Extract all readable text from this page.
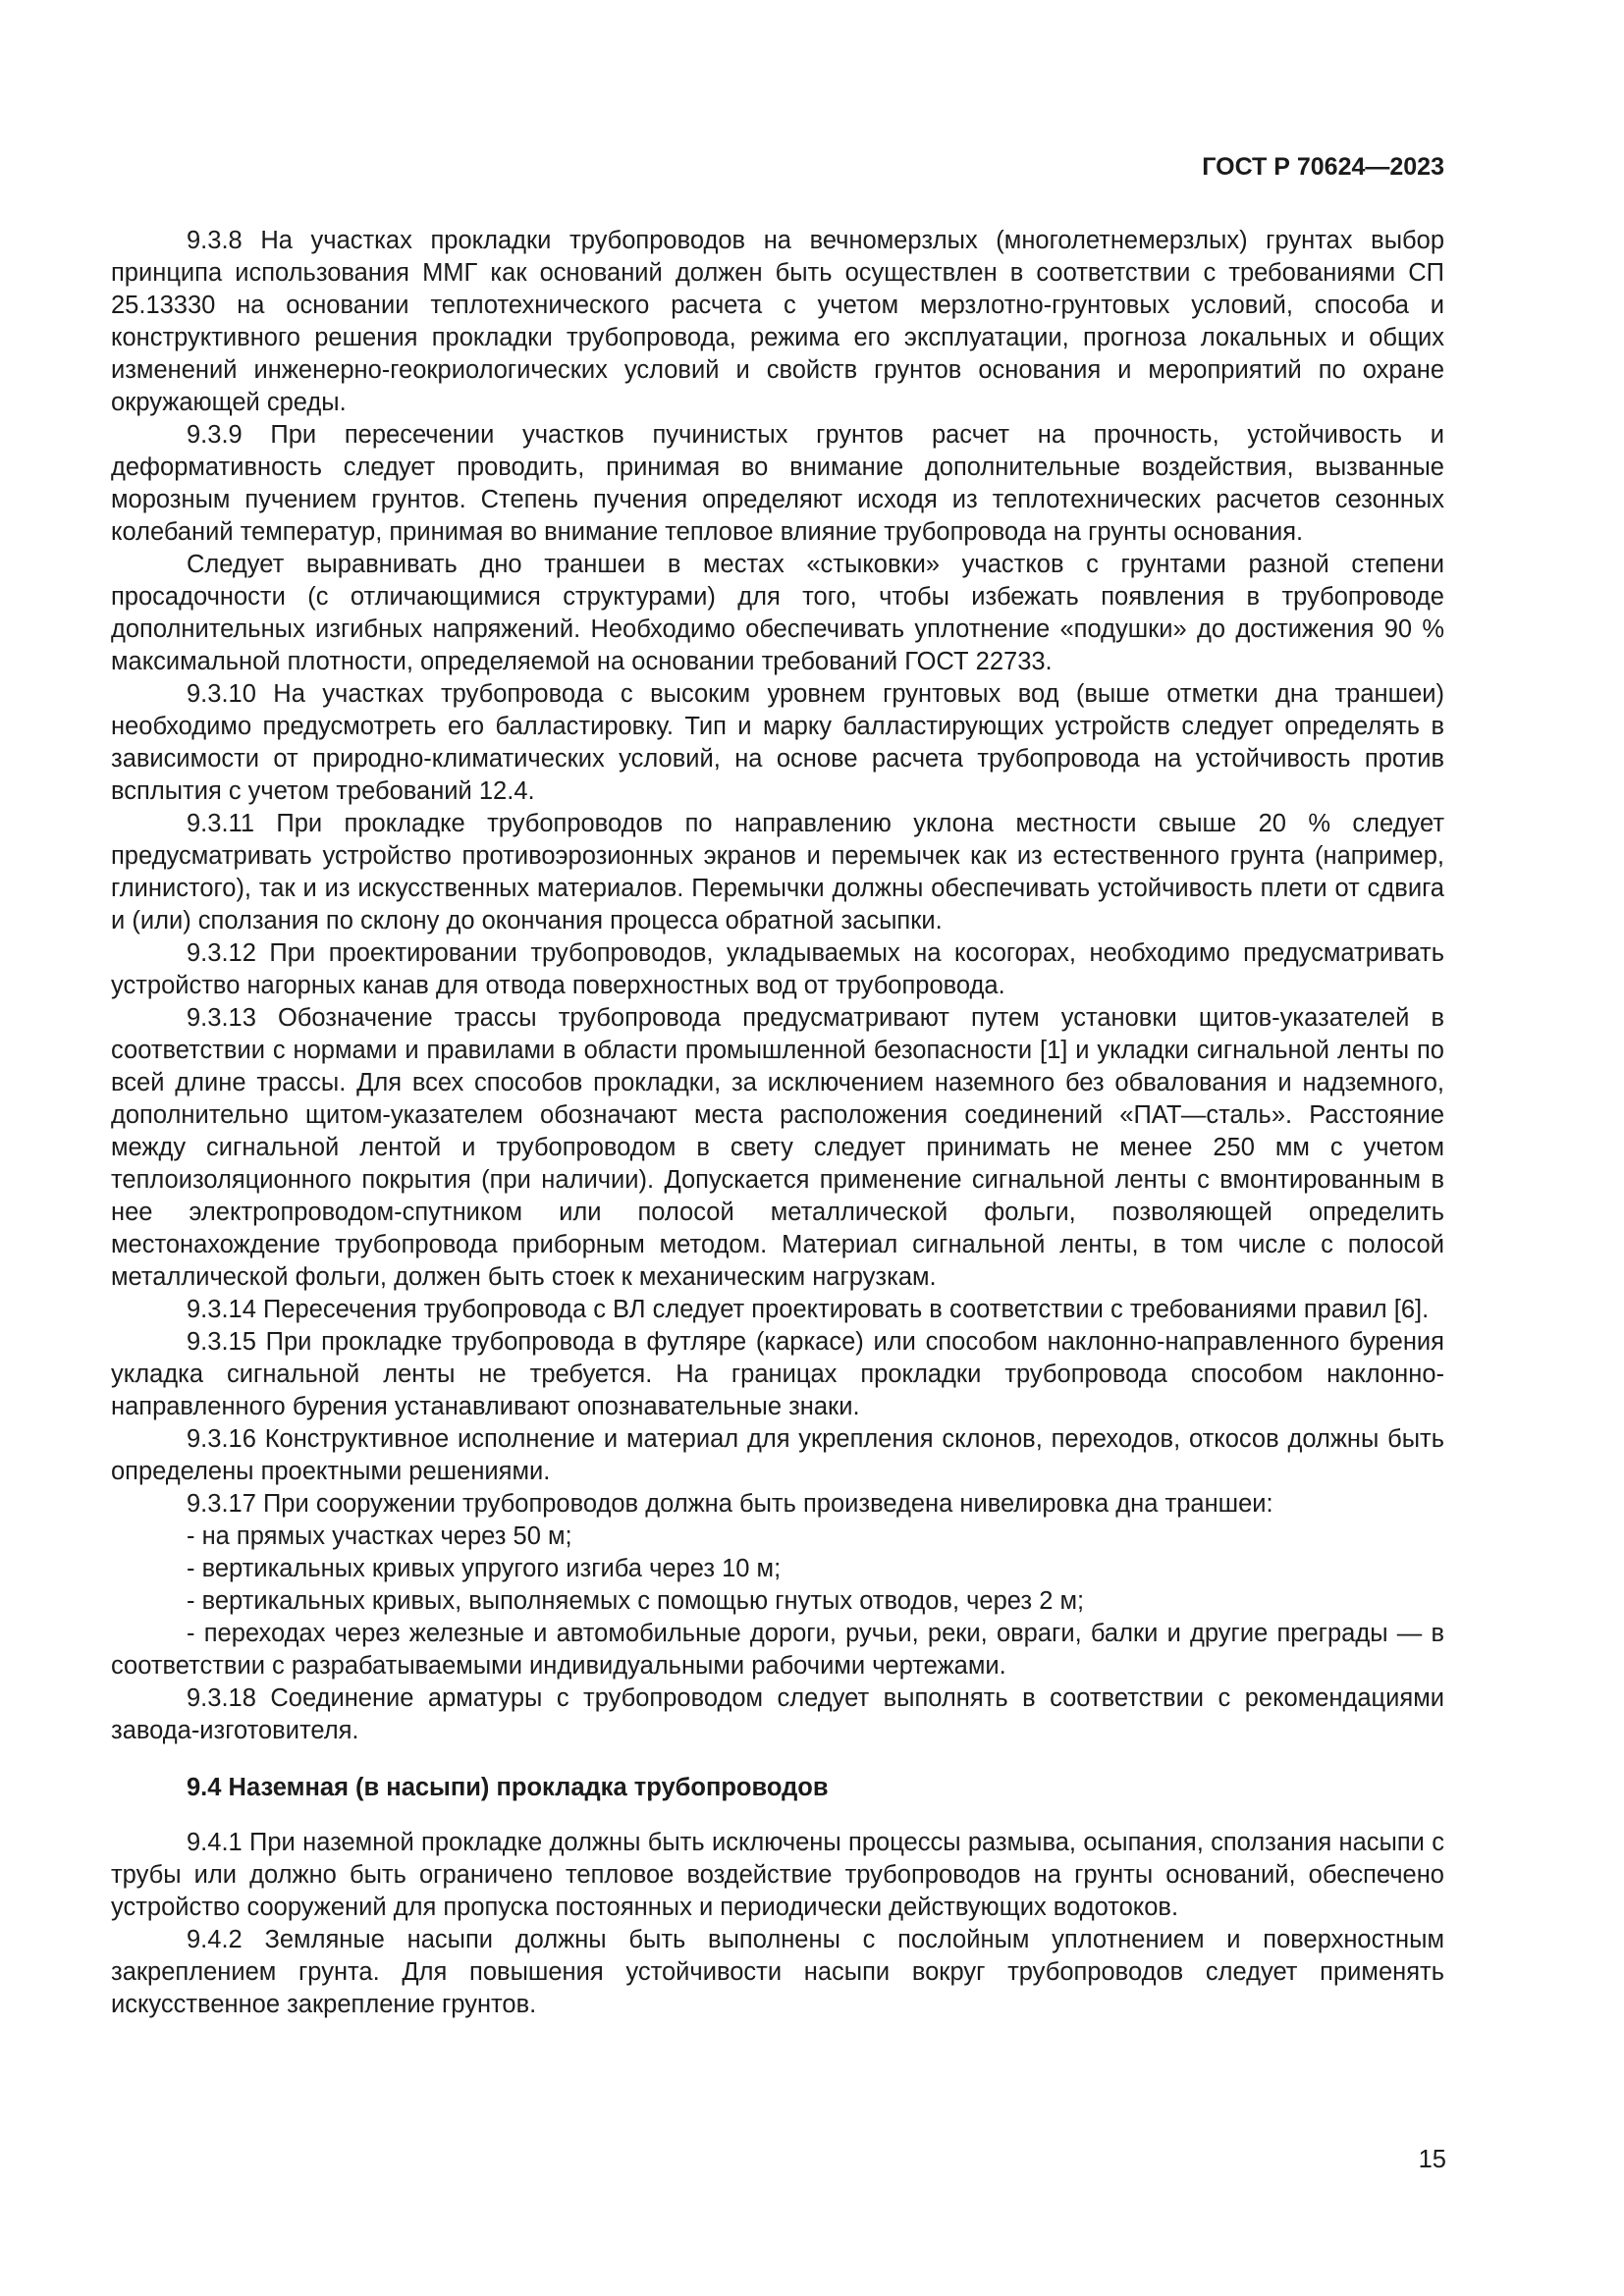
ГОСТ Р 70624—2023

9.3.8 На участках прокладки трубопроводов на вечномерзлых (многолетнемерзлых) грунтах выбор принципа использования ММГ как оснований должен быть осуществлен в соответствии с требованиями СП 25.13330 на основании теплотехнического расчета с учетом мерзлотно-грунтовых условий, способа и конструктивного решения прокладки трубопровода, режима его эксплуатации, прогноза локальных и общих изменений инженерно-геокриологических условий и свойств грунтов основания и мероприятий по охране окружающей среды.

9.3.9 При пересечении участков пучинистых грунтов расчет на прочность, устойчивость и деформативность следует проводить, принимая во внимание дополнительные воздействия, вызванные морозным пучением грунтов. Степень пучения определяют исходя из теплотехнических расчетов сезонных колебаний температур, принимая во внимание тепловое влияние трубопровода на грунты основания.

Следует выравнивать дно траншеи в местах «стыковки» участков с грунтами разной степени просадочности (с отличающимися структурами) для того, чтобы избежать появления в трубопроводе дополнительных изгибных напряжений. Необходимо обеспечивать уплотнение «подушки» до достижения 90 % максимальной плотности, определяемой на основании требований ГОСТ 22733.

9.3.10 На участках трубопровода с высоким уровнем грунтовых вод (выше отметки дна траншеи) необходимо предусмотреть его балластировку. Тип и марку балластирующих устройств следует определять в зависимости от природно-климатических условий, на основе расчета трубопровода на устойчивость против всплытия с учетом требований 12.4.

9.3.11 При прокладке трубопроводов по направлению уклона местности свыше 20 % следует предусматривать устройство противоэрозионных экранов и перемычек как из естественного грунта (например, глинистого), так и из искусственных материалов. Перемычки должны обеспечивать устойчивость плети от сдвига и (или) сползания по склону до окончания процесса обратной засыпки.

9.3.12 При проектировании трубопроводов, укладываемых на косогорах, необходимо предусматривать устройство нагорных канав для отвода поверхностных вод от трубопровода.

9.3.13 Обозначение трассы трубопровода предусматривают путем установки щитов-указателей в соответствии с нормами и правилами в области промышленной безопасности [1] и укладки сигнальной ленты по всей длине трассы. Для всех способов прокладки, за исключением наземного без обвалования и надземного, дополнительно щитом-указателем обозначают места расположения соединений «ПАТ—сталь». Расстояние между сигнальной лентой и трубопроводом в свету следует принимать не менее 250 мм с учетом теплоизоляционного покрытия (при наличии). Допускается применение сигнальной ленты с вмонтированным в нее электропроводом-спутником или полосой металлической фольги, позволяющей определить местонахождение трубопровода приборным методом. Материал сигнальной ленты, в том числе с полосой металлической фольги, должен быть стоек к механическим нагрузкам.

9.3.14 Пересечения трубопровода с ВЛ следует проектировать в соответствии с требованиями правил [6].

9.3.15 При прокладке трубопровода в футляре (каркасе) или способом наклонно-направленного бурения укладка сигнальной ленты не требуется. На границах прокладки трубопровода способом наклонно-направленного бурения устанавливают опознавательные знаки.

9.3.16 Конструктивное исполнение и материал для укрепления склонов, переходов, откосов должны быть определены проектными решениями.

9.3.17 При сооружении трубопроводов должна быть произведена нивелировка дна траншеи:

- на прямых участках через 50 м;

- вертикальных кривых упругого изгиба через 10 м;

- вертикальных кривых, выполняемых с помощью гнутых отводов, через 2 м;

- переходах через железные и автомобильные дороги, ручьи, реки, овраги, балки и другие преграды — в соответствии с разрабатываемыми индивидуальными рабочими чертежами.

9.3.18 Соединение арматуры с трубопроводом следует выполнять в соответствии с рекомендациями завода-изготовителя.

9.4 Наземная (в насыпи) прокладка трубопроводов

9.4.1 При наземной прокладке должны быть исключены процессы размыва, осыпания, сползания насыпи с трубы или должно быть ограничено тепловое воздействие трубопроводов на грунты оснований, обеспечено устройство сооружений для пропуска постоянных и периодически действующих водотоков.

9.4.2 Земляные насыпи должны быть выполнены с послойным уплотнением и поверхностным закреплением грунта. Для повышения устойчивости насыпи вокруг трубопроводов следует применять искусственное закрепление грунтов.

15
